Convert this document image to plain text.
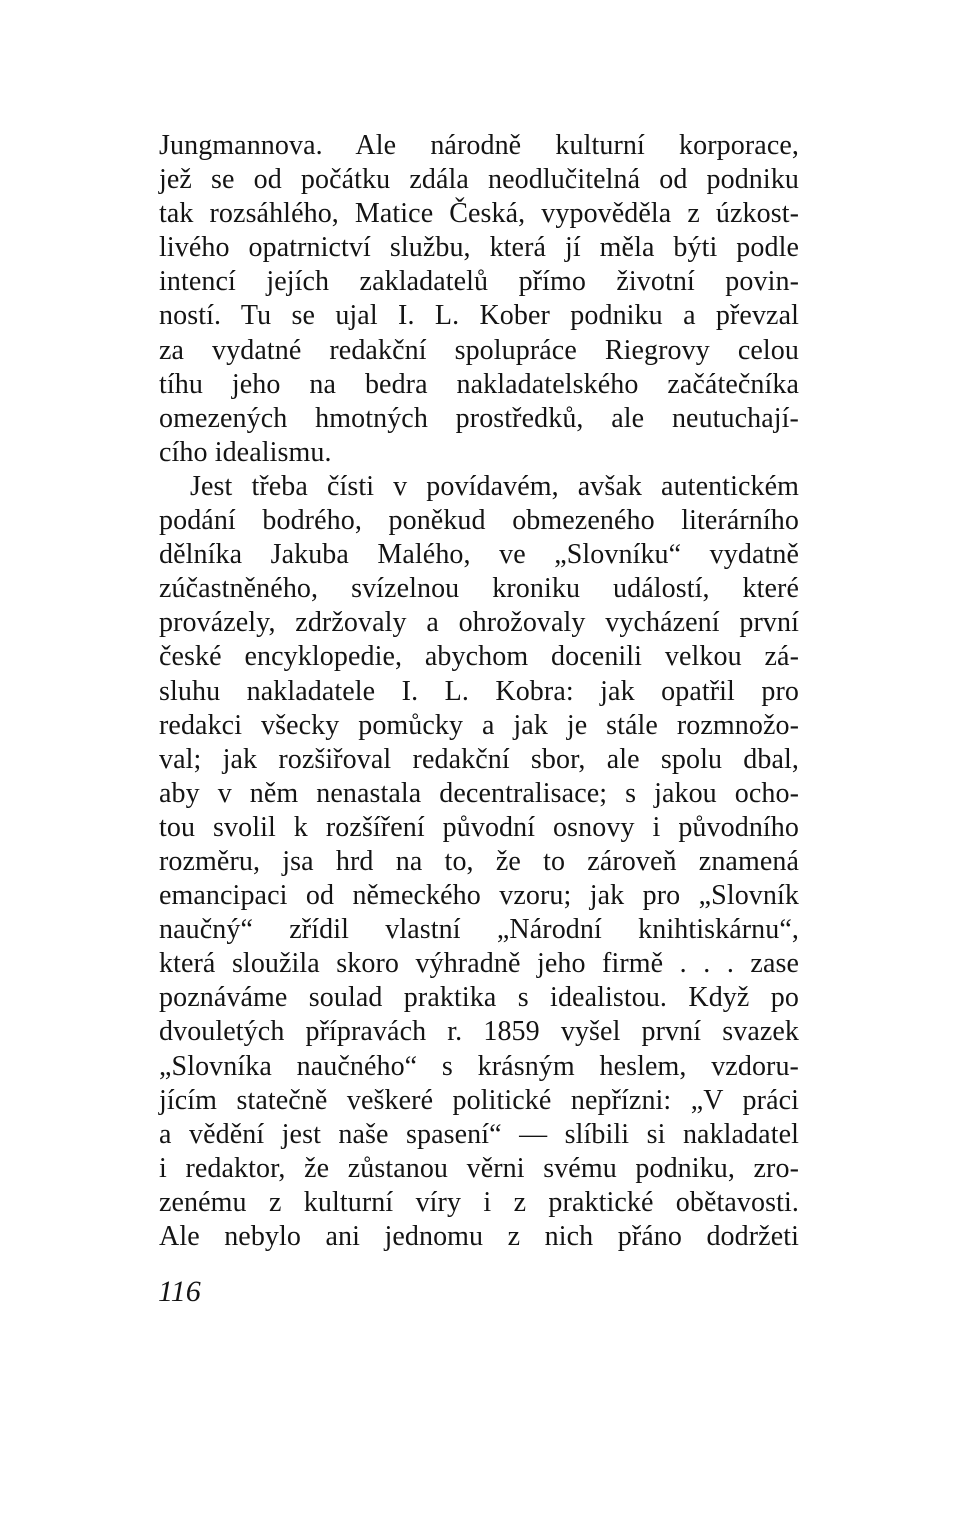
Jungmannova. Ale národně kulturní korporace,
jež se od počátku zdála neodlučitelná od podniku
tak rozsáhlého, Matice Česká, vypověděla z úzkost-
livého opatrnictví službu, která jí měla býti podle
intencí jejích zakladatelů přímo životní povin-
ností. Tu se ujal I. L. Kober podniku a převzal
za vydatné redakční spolupráce Riegrovy celou
tíhu jeho na bedra nakladatelského začátečníka
omezených hmotných prostředků, ale neutuchají-
cího idealismu.
Jest třeba čísti v povídavém, avšak autentickém
podání bodrého, poněkud obmezeného literárního
dělníka Jakuba Malého, ve „Slovníku“ vydatně
zúčastněného, svízelnou kroniku událostí, které
provázely, zdržovaly a ohrožovaly vycházení první
české encyklopedie, abychom docenili velkou zá-
sluhu nakladatele I. L. Kobra: jak opatřil pro
redakci všecky pomůcky a jak je stále rozmnožo-
val; jak rozšiřoval redakční sbor, ale spolu dbal,
aby v něm nenastala decentralisace; s jakou ocho-
tou svolil k rozšíření původní osnovy i původního
rozměru, jsa hrd na to, že to zároveň znamená
emancipaci od německého vzoru; jak pro „Slovník
naučný“ zřídil vlastní „Národní knihtiskárnu“,
která sloužila skoro výhradně jeho firmě . . . zase
poznáváme soulad praktika s idealistou. Když po
dvouletých přípravách r. 1859 vyšel první svazek
„Slovníka naučného“ s krásným heslem, vzdoru-
jícím statečně veškeré politické nepřízni: „V práci
a vědění jest naše spasení“ — slíbili si nakladatel
i redaktor, že zůstanou věrni svému podniku, zro-
zenému z kulturní víry i z praktické obětavosti.
Ale nebylo ani jednomu z nich přáno dodržeti
116
